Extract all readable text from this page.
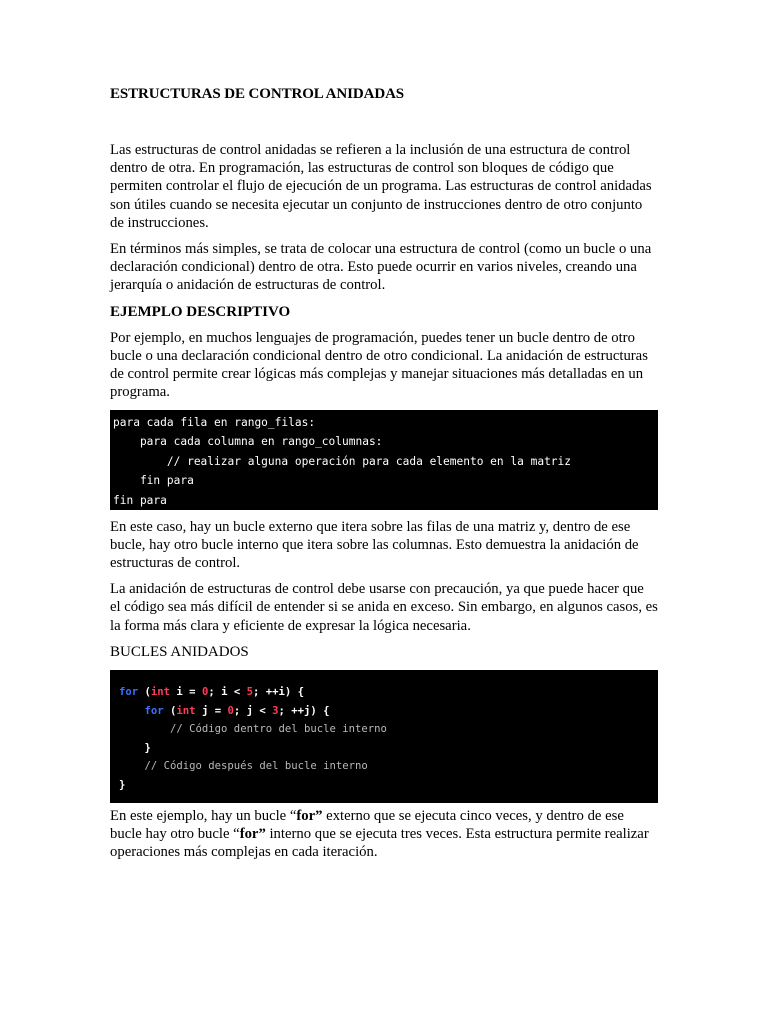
ESTRUCTURAS DE CONTROL ANIDADAS

Las estructuras de control anidadas se refieren a la inclusión de una estructura de control dentro de otra. En programación, las estructuras de control son bloques de código que permiten controlar el flujo de ejecución de un programa. Las estructuras de control anidadas son útiles cuando se necesita ejecutar un conjunto de instrucciones dentro de otro conjunto de instrucciones.

En términos más simples, se trata de colocar una estructura de control (como un bucle o una declaración condicional) dentro de otra. Esto puede ocurrir en varios niveles, creando una jerarquía o anidación de estructuras de control.

EJEMPLO DESCRIPTIVO

Por ejemplo, en muchos lenguajes de programación, puedes tener un bucle dentro de otro bucle o una declaración condicional dentro de otro condicional. La anidación de estructuras de control permite crear lógicas más complejas y manejar situaciones más detalladas en un programa.

para cada fila en rango_filas:
para cada columna en rango_columnas:
// realizar alguna operación para cada elemento en la matriz
fin para
fin para

En este caso, hay un bucle externo que itera sobre las filas de una matriz y, dentro de ese bucle, hay otro bucle interno que itera sobre las columnas. Esto demuestra la anidación de estructuras de control.

La anidación de estructuras de control debe usarse con precaución, ya que puede hacer que el código sea más difícil de entender si se anida en exceso. Sin embargo, en algunos casos, es la forma más clara y eficiente de expresar la lógica necesaria.

BUCLES ANIDADOS
for (int i = 0; i < 5; ++i) {
for (int j = 0; j < 3; ++j) {
// Código dentro del bucle interno
}
// Código después del bucle interno
}

En este ejemplo, hay un bucle “for” externo que se ejecuta cinco veces, y dentro de ese bucle hay otro bucle “for” interno que se ejecuta tres veces. Esta estructura permite realizar operaciones más complejas en cada iteración.
